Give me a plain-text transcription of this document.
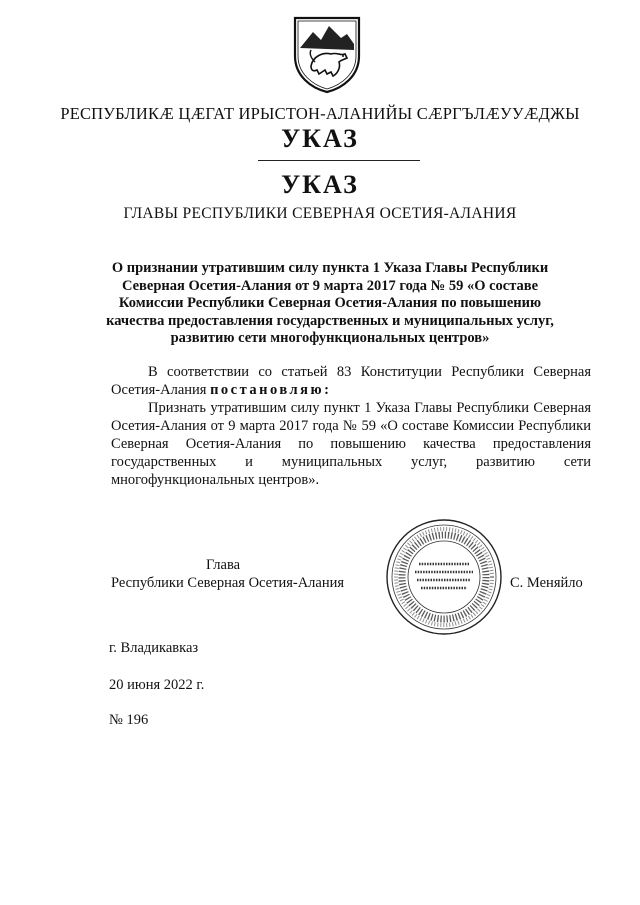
РЕСПУБЛИКӔ ЦӔГАТ ИРЫСТОН-АЛАНИЙЫ СӔРГЪЛӔУУӔДЖЫ
УКАЗ
УКАЗ
ГЛАВЫ РЕСПУБЛИКИ СЕВЕРНАЯ ОСЕТИЯ-АЛАНИЯ
О признании утратившим силу пункта 1 Указа Главы Республики
Северная Осетия-Алания от 9 марта 2017 года № 59 «О составе
Комиссии Республики Северная Осетия-Алания по повышению
качества предоставления государственных и муниципальных услуг,
развитию сети многофункциональных центров»

В соответствии со статьей 83 Конституции Республики Северная Осетия-Алания постановляю:

Признать утратившим силу пункт 1 Указа Главы Республики Северная Осетия-Алания от 9 марта 2017 года № 59 «О составе Комиссии Республики Северная Осетия-Алания по повышению качества предоставления государственных и муниципальных услуг, развитию сети многофункциональных центров».

Глава
Республики Северная Осетия-Алания	С. Меняйло
г. Владикавказ
20 июня 2022 г.
№ 196
